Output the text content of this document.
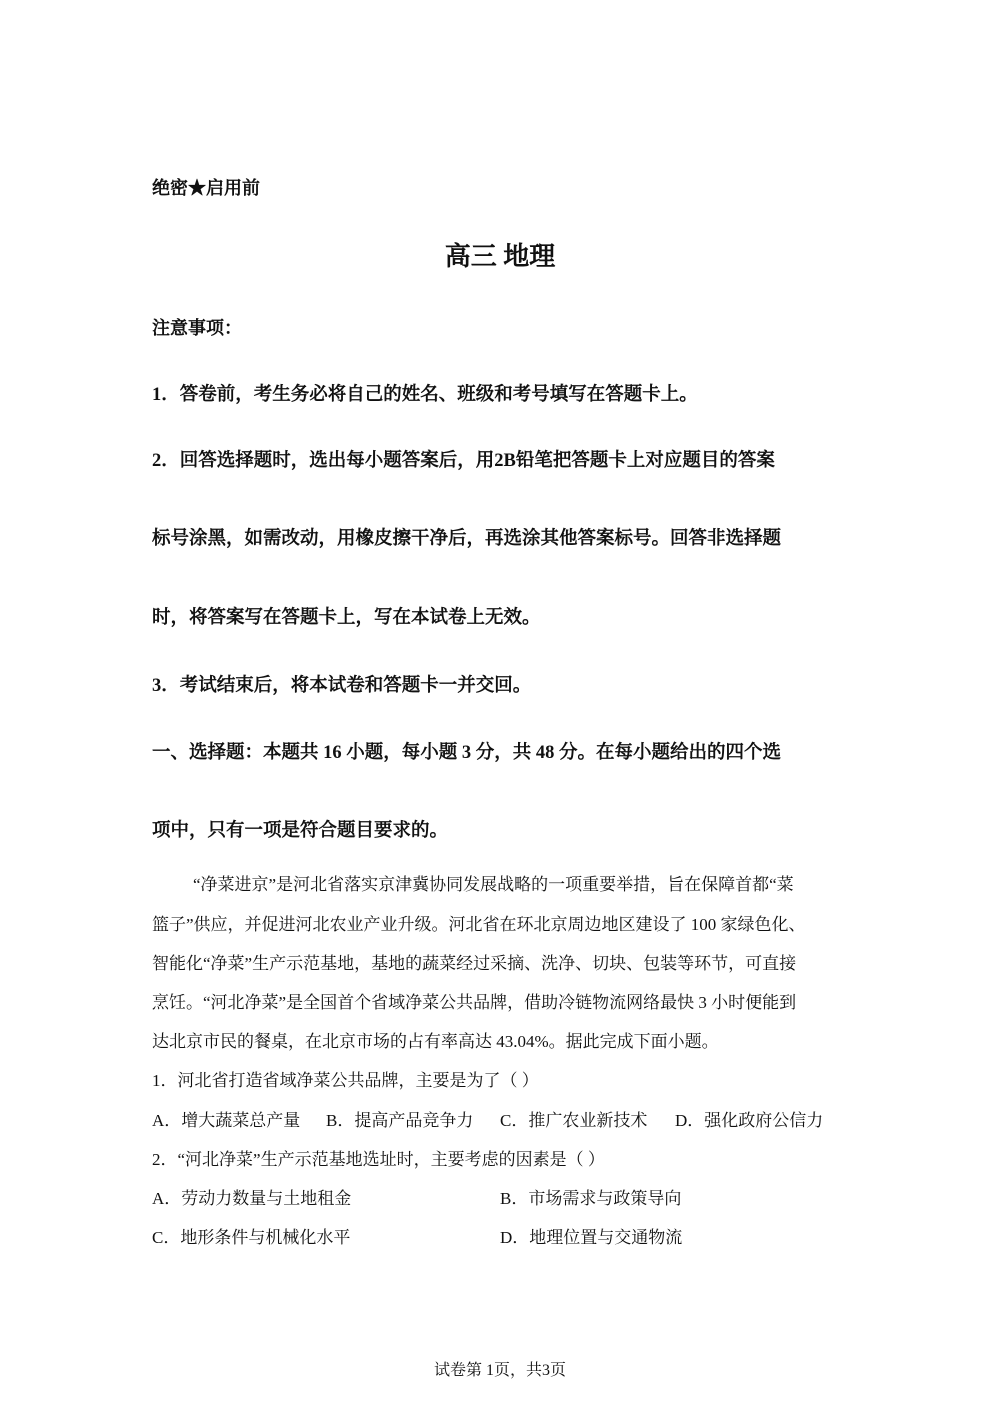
绝密★启用前
高三 地理
注意事项：
1．答卷前，考生务必将自己的姓名、班级和考号填写在答题卡上。
2．回答选择题时，选出每小题答案后，用2B铅笔把答题卡上对应题目的答案
标号涂黑，如需改动，用橡皮擦干净后，再选涂其他答案标号。回答非选择题
时，将答案写在答题卡上，写在本试卷上无效。
3．考试结束后，将本试卷和答题卡一并交回。
一、选择题：本题共 16 小题，每小题 3 分，共 48 分。在每小题给出的四个选
项中，只有一项是符合题目要求的。
“净菜进京”是河北省落实京津冀协同发展战略的一项重要举措，旨在保障首都“菜
篮子”供应，并促进河北农业产业升级。河北省在环北京周边地区建设了 100 家绿色化、
智能化“净菜”生产示范基地，基地的蔬菜经过采摘、洗净、切块、包装等环节，可直接
烹饪。“河北净菜”是全国首个省域净菜公共品牌，借助冷链物流网络最快 3 小时便能到
达北京市民的餐桌，在北京市场的占有率高达 43.04%。据此完成下面小题。
1．河北省打造省域净菜公共品牌，主要是为了（ ）
A．增大蔬菜总产量 B．提高产品竞争力 C．推广农业新技术 D．强化政府公信力
2．“河北净菜”生产示范基地选址时，主要考虑的因素是（ ）
A．劳动力数量与土地租金	B．市场需求与政策导向
C．地形条件与机械化水平	D．地理位置与交通物流
试卷第 1页，共3页
